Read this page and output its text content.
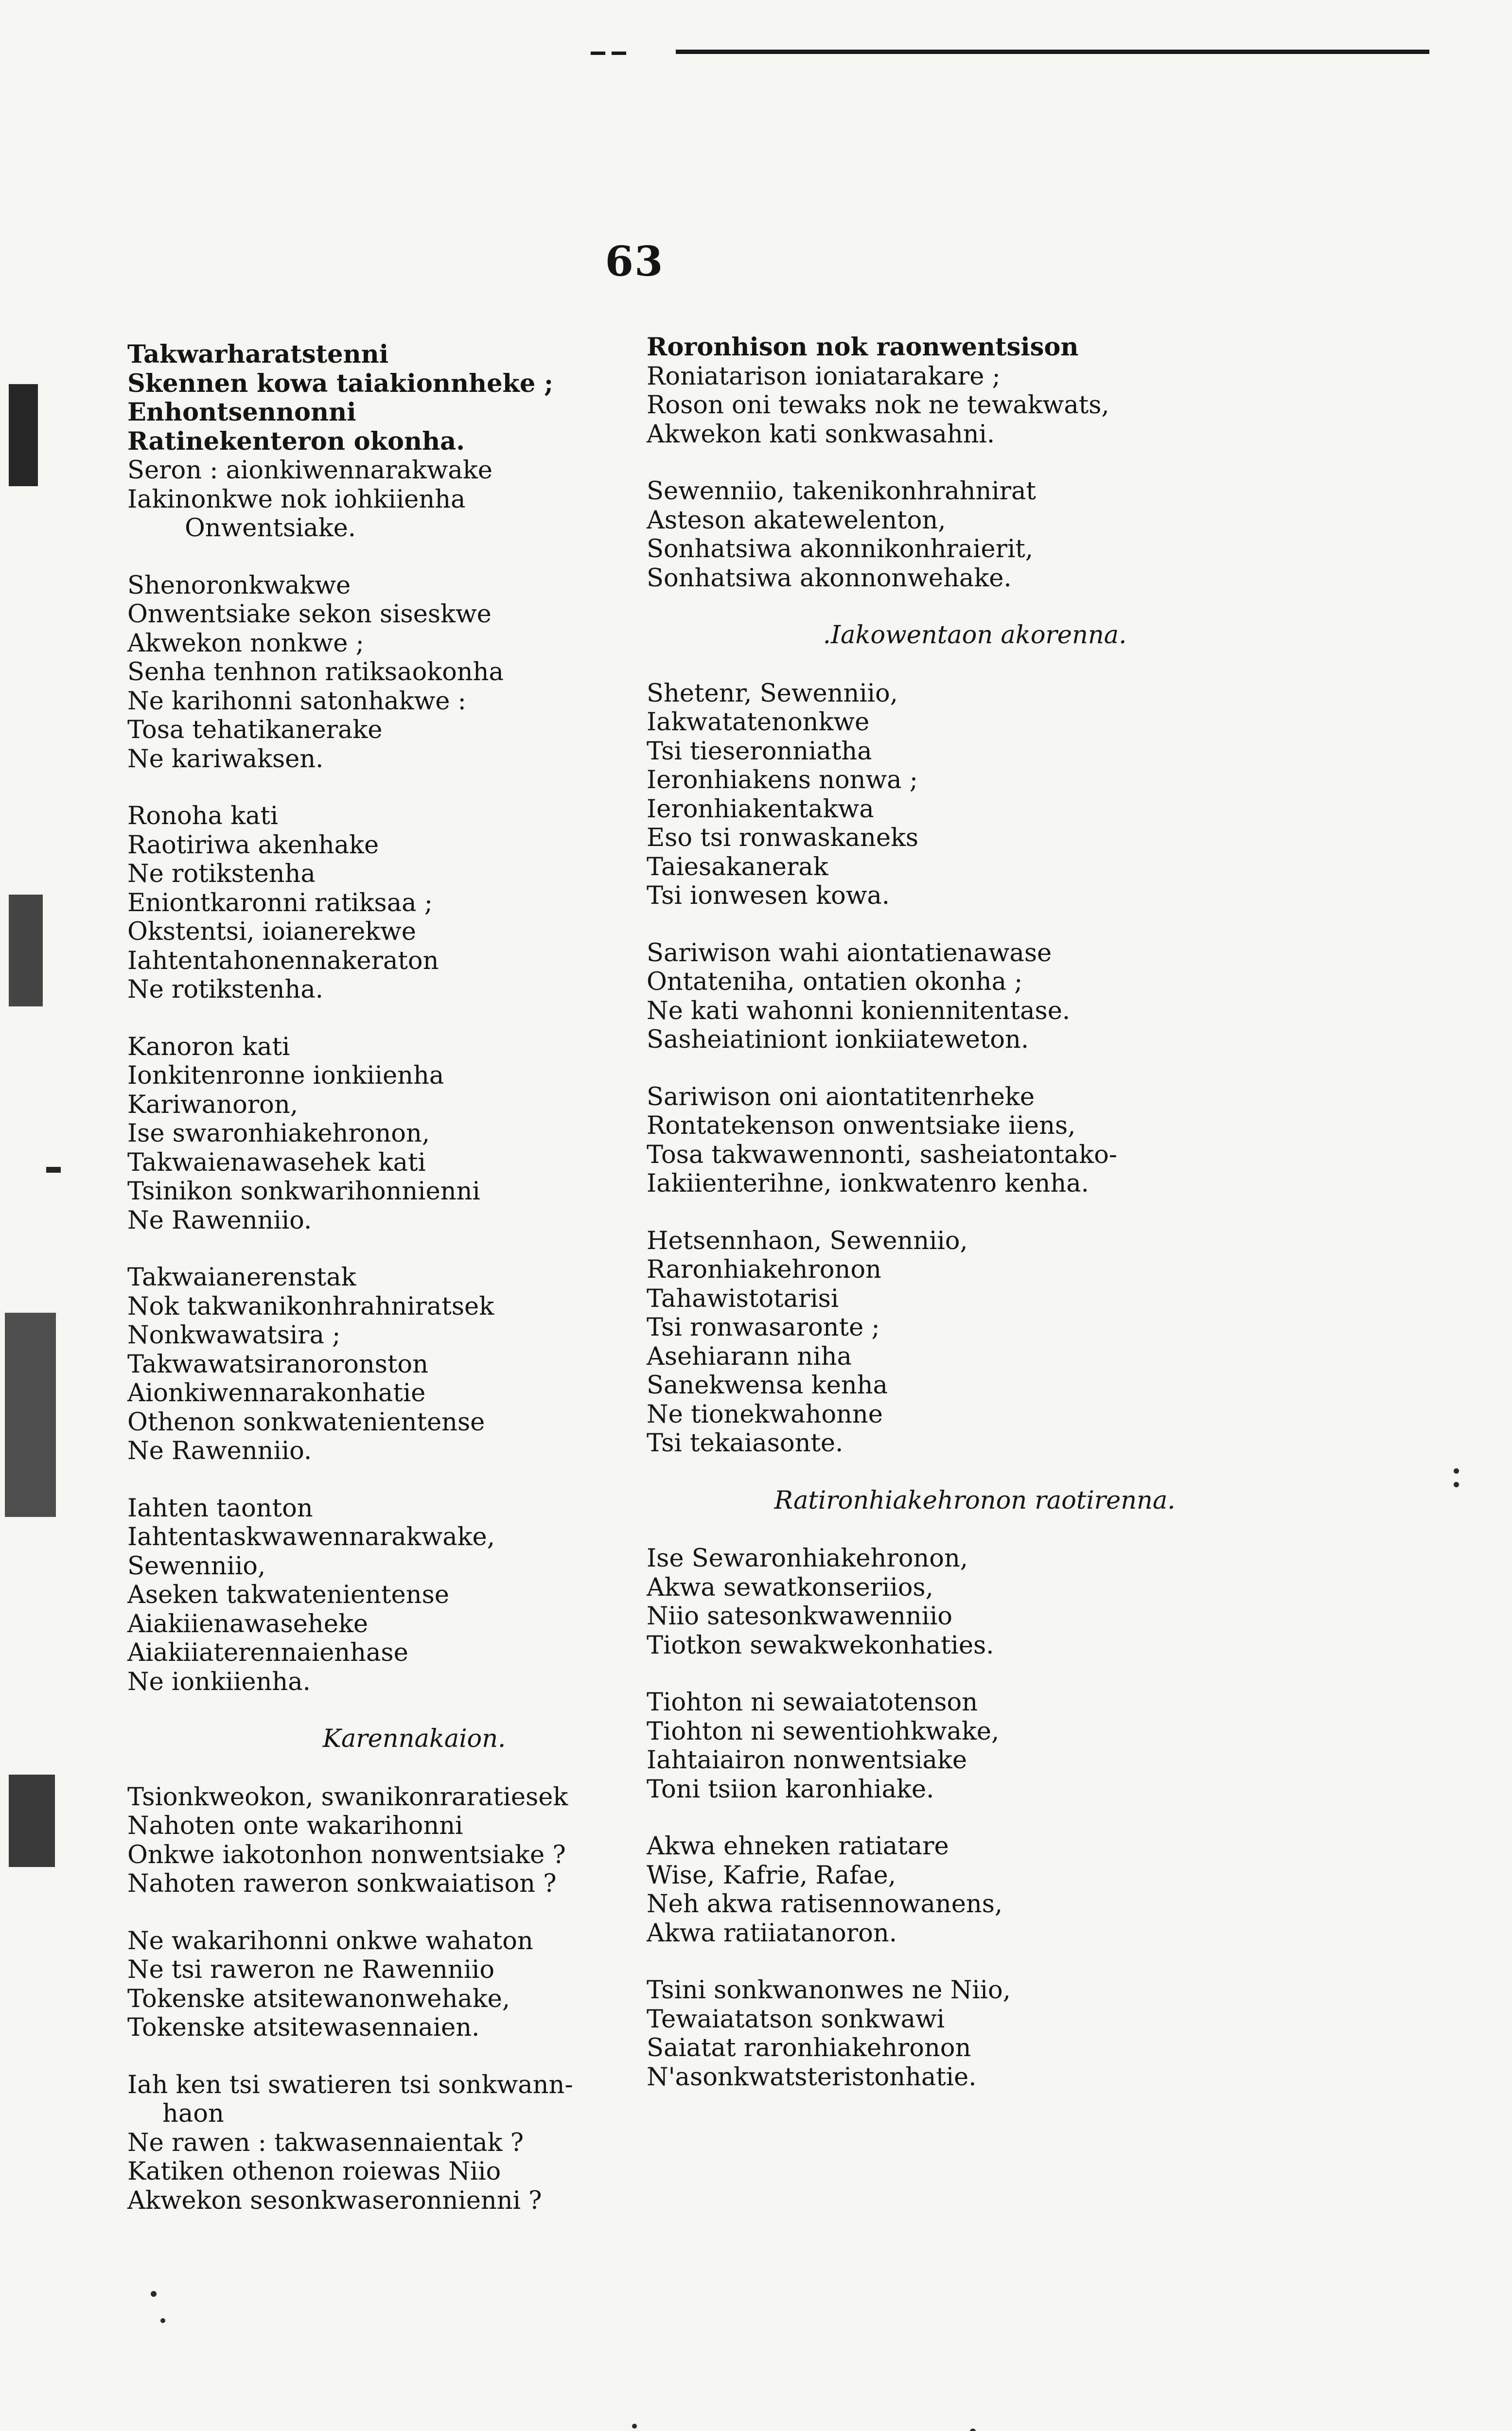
63
Takwarharatstenni
Skennen kowa taiakionnheke ;
Enhontsennonni
Ratinekenteron okonha.
Seron : aionkiwennarakwake
Iakinonkwe nok iohkiienha
Onwentsiake.
Shenoronkwakwe
Onwentsiake sekon siseskwe
Akwekon nonkwe ;
Senha tenhnon ratiksaokonha
Ne karihonni satonhakwe :
Tosa tehatikanerake
Ne kariwaksen.
Ronoha kati
Raotiriwa akenhake
Ne rotikstenha
Eniontkaronni ratiksaa ;
Okstentsi, ioianerekwe
Iahtentahonennakeraton
Ne rotikstenha.
Kanoron kati
Ionkitenronne ionkiienha
Kariwanoron,
Ise swaronhiakehronon,
Takwaienawasehek kati
Tsinikon sonkwarihonnienni
Ne Rawenniio.
Takwaianerenstak
Nok takwanikonhrahniratsek
Nonkwawatsira ;
Takwawatsiranoronston
Aionkiwennarakonhatie
Othenon sonkwatenientense
Ne Rawenniio.
Iahten taonton
Iahtentaskwawennarakwake,
Sewenniio,
Aseken takwatenientense
Aiakiienawaseheke
Aiakiiaterennaienhase
Ne ionkiienha.
Karennakaion.
Tsionkweokon, swanikonraratiesek
Nahoten onte wakarihonni
Onkwe iakotonhon nonwentsiake ?
Nahoten raweron sonkwaiatison ?
Ne wakarihonni onkwe wahaton
Ne tsi raweron ne Rawenniio
Tokenske atsitewanonwehake,
Tokenske atsitewasennaien.
Iah ken tsi swatieren tsi sonkwann-
haon
Ne rawen : takwasennaientak ?
Katiken othenon roiewas Niio
Akwekon sesonkwaseronnienni ?
Roronhison nok raonwentsison
Roniatarison ioniatarakare ;
Roson oni tewaks nok ne tewakwats,
Akwekon kati sonkwasahni.
Sewenniio, takenikonhrahnirat
Asteson akatewelenton,
Sonhatsiwa akonnikonhraierit,
Sonhatsiwa akonnonwehake.
.Iakowentaon akorenna.
Shetenr, Sewenniio,
Iakwatatenonkwe
Tsi tieseronniatha
Ieronhiakens nonwa ;
Ieronhiakentakwa
Eso tsi ronwaskaneks
Taiesakanerak
Tsi ionwesen kowa.
Sariwison wahi aiontatienawase
Ontateniha, ontatien okonha ;
Ne kati wahonni koniennitentase.
Sasheiatiniont ionkiiateweton.
Sariwison oni aiontatitenrheke
Rontatekenson onwentsiake iiens,
Tosa takwawennonti, sasheiatontako-
Iakiienterihne, ionkwatenro kenha.
Hetsennhaon, Sewenniio,
Raronhiakehronon
Tahawistotarisi
Tsi ronwasaronte ;
Asehiarann niha
Sanekwensa kenha
Ne tionekwahonne
Tsi tekaiasonte.
Ratironhiakehronon raotirenna.
Ise Sewaronhiakehronon,
Akwa sewatkonseriios,
Niio satesonkwawenniio
Tiotkon sewakwekonhaties.
Tiohton ni sewaiatotenson
Tiohton ni sewentiohkwake,
Iahtaiairon nonwentsiake
Toni tsiion karonhiake.
Akwa ehneken ratiatare
Wise, Kafrie, Rafae,
Neh akwa ratisennowanens,
Akwa ratiiatanoron.
Tsini sonkwanonwes ne Niio,
Tewaiatatson sonkwawi
Saiatat raronhiakehronon
N'asonkwatsteristonhatie.
